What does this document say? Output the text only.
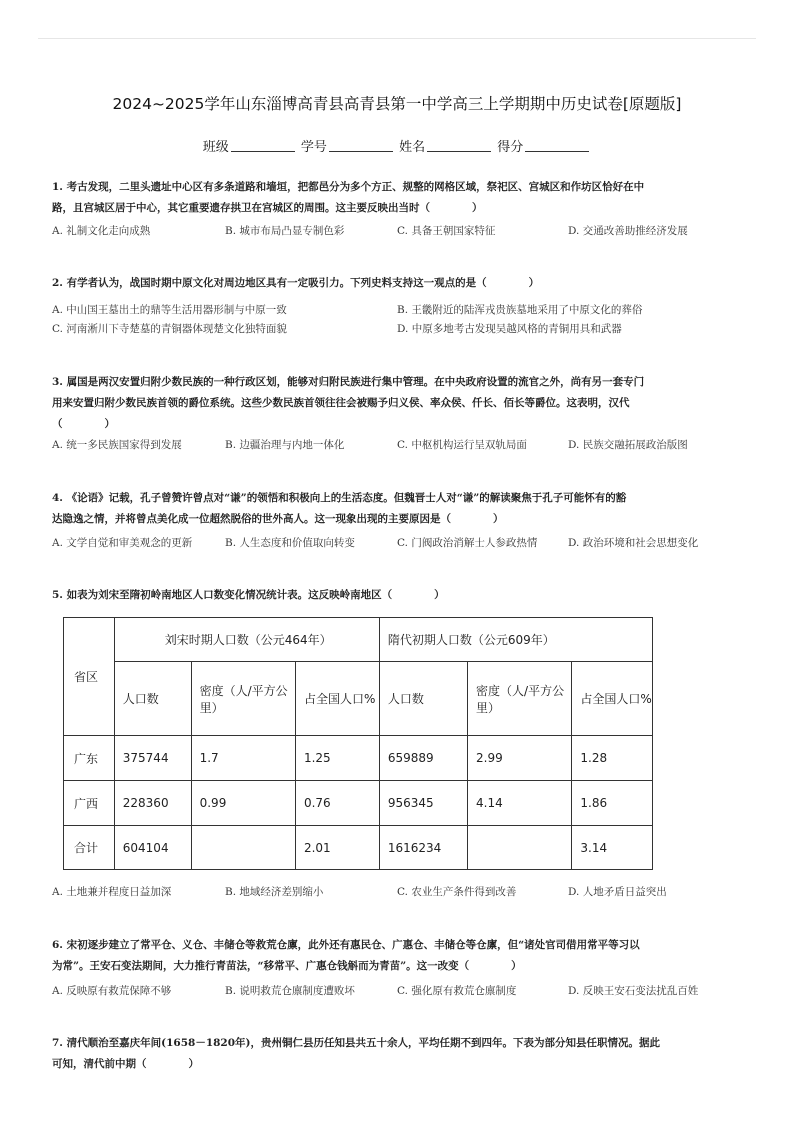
2024~2025学年山东淄博高青县高青县第一中学高三上学期期中历史试卷[原题版]
班级	学号	姓名	得分
1. 考古发现，二里头遗址中心区有多条道路和墙垣，把都邑分为多个方正、规整的网格区域，祭祀区、宫城区和作坊区恰好在中
路，且宫城区居于中心，其它重要遗存拱卫在宫城区的周围。这主要反映出当时（　　　　）
A. 礼制文化走向成熟	B. 城市布局凸显专制色彩	C. 具备王朝国家特征	D. 交通改善助推经济发展
2. 有学者认为，战国时期中原文化对周边地区具有一定吸引力。下列史料支持这一观点的是（　　　　）
A. 中山国王墓出土的鼎等生活用器形制与中原一致	B. 王畿附近的陆浑戎贵族墓地采用了中原文化的葬俗
C. 河南淅川下寺楚墓的青铜器体现楚文化独特面貌	D. 中原多地考古发现吴越风格的青铜用具和武器
3. 属国是两汉安置归附少数民族的一种行政区划，能够对归附民族进行集中管理。在中央政府设置的流官之外，尚有另一套专门
用来安置归附少数民族首领的爵位系统。这些少数民族首领往往会被赐予归义侯、率众侯、仟长、佰长等爵位。这表明，汉代
（　　　　）
A. 统一多民族国家得到发展	B. 边疆治理与内地一体化	C. 中枢机构运行呈双轨局面	D. 民族交融拓展政治版图
4. 《论语》记载，孔子曾赞许曾点对“谦”的领悟和积极向上的生活态度。但魏晋士人对“谦”的解读聚焦于孔子可能怀有的豁
达隐逸之情，并将曾点美化成一位超然脱俗的世外高人。这一现象出现的主要原因是（　　　　）
A. 文学自觉和审美观念的更新	B. 人生态度和价值取向转变	C. 门阀政治消解士人参政热情	D. 政治环境和社会思想变化
5. 如表为刘宋至隋初岭南地区人口数变化情况统计表。这反映岭南地区（　　　　）
省区	刘宋时期人口数（公元464年）			隋代初期人口数（公元609年）		
	人口数	密度（人/平方公里）	占全国人口%	人口数	密度（人/平方公里）	占全国人口%
广东	375744	1.7	1.25	659889	2.99	1.28
广西	228360	0.99	0.76	956345	4.14	1.86
合计	604104		2.01	1616234		3.14
A. 土地兼并程度日益加深	B. 地域经济差别缩小	C. 农业生产条件得到改善	D. 人地矛盾日益突出
6. 宋初逐步建立了常平仓、义仓、丰储仓等救荒仓廪，此外还有惠民仓、广惠仓、丰储仓等仓廪，但“诸处官司借用常平等习以
为常”。王安石变法期间，大力推行青苗法，“移常平、广惠仓钱斛而为青苗”。这一改变（　　　　）
A. 反映原有救荒保障不够	B. 说明救荒仓廪制度遭败坏	C. 强化原有救荒仓廪制度	D. 反映王安石变法扰乱百姓
7. 清代顺治至嘉庆年间(1658－1820年)，贵州铜仁县历任知县共五十余人，平均任期不到四年。下表为部分知县任职情况。据此
可知，清代前中期（　　　　）
